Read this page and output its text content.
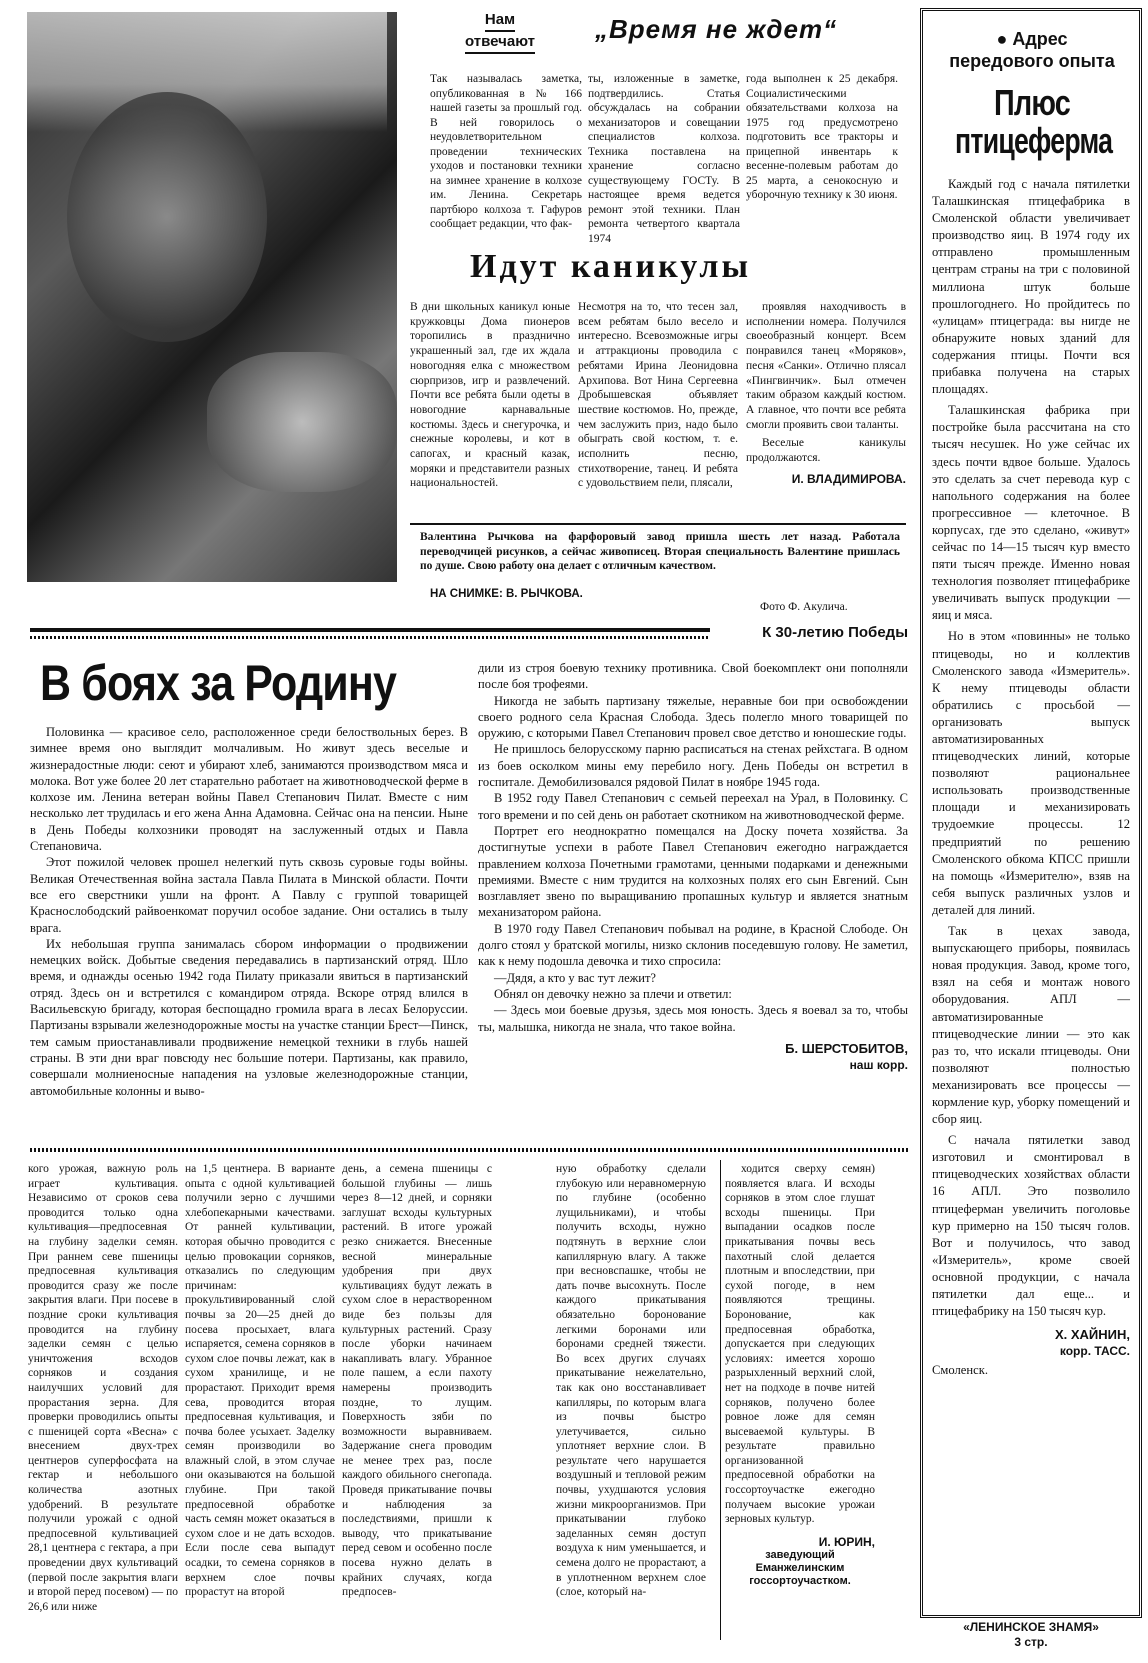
Нам
отвечают	„Время не ждет“
Так называлась заметка, опубликованная в № 166 нашей газеты за прошлый год. В ней говорилось о неудовлетворительном проведении технических уходов и постановки техники на зимнее хранение в колхозе им. Ленина. Секретарь партбюро колхоза т. Гафуров сообщает редакции, что фак-
ты, изложенные в заметке, подтвердились. Статья обсуждалась на собрании механизаторов и совещании специалистов колхоза. Техника поставлена на хранение согласно существующему ГОСТу. В настоящее время ведется ремонт этой техники. План ремонта четвертого квартала 1974
года выполнен к 25 декабря. Социалистическими обязательствами колхоза на 1975 год предусмотрено подготовить все тракторы и прицепной инвентарь к весенне-полевым работам до 25 марта, а сенокосную и уборочную технику к 30 июня.
Идут каникулы
В дни школьных каникул юные кружковцы Дома пионеров торопились в празднично украшенный зал, где их ждала новогодняя елка с множеством сюрпризов, игр и развлечений. Почти все ребята были одеты в новогодние карнавальные костюмы. Здесь и снегурочка, и снежные королевы, и кот в сапогах, и красный казак, моряки и представители разных национальностей.
Несмотря на то, что тесен зал, всем ребятам было весело и интересно. Всевозможные игры и аттракционы проводила с ребятами Ирина Леонидовна Архипова. Вот Нина Сергеевна Дробышевская объявляет шествие костюмов. Но, прежде, чем заслужить приз, надо было обыграть свой костюм, т. е. исполнить песню, стихотворение, танец. И ребята с удовольствием пели, плясали,

проявляя находчивость в исполнении номера. Получился своеобразный концерт. Всем понравился танец «Моряков», песня «Санки». Отлично плясал «Пингвинчик». Был отмечен таким образом каждый костюм. А главное, что почти все ребята смогли проявить свои таланты.

Веселые каникулы продолжаются.

И. ВЛАДИМИРОВА.
Валентина Рычкова на фарфоровый завод пришла шесть лет назад. Работала переводчицей рисунков, а сейчас живописец. Вторая специальность Валентине пришлась по душе. Свою работу она делает с отличным качеством.
НА СНИМКЕ: В. РЫЧКОВА.
Фото Ф. Акулича.
К 30-летию Победы
В боях за Родину

Половинка — красивое село, расположенное среди белоствольных берез. В зимнее время оно выглядит молчаливым. Но живут здесь веселые и жизнерадостные люди: сеют и убирают хлеб, занимаются производством мяса и молока. Вот уже более 20 лет старательно работает на животноводческой ферме в колхозе им. Ленина ветеран войны Павел Степанович Пилат. Вместе с ним несколько лет трудилась и его жена Анна Адамовна. Сейчас она на пенсии. Ныне в День Победы колхозники проводят на заслуженный отдых и Павла Степановича.

Этот пожилой человек прошел нелегкий путь сквозь суровые годы войны. Великая Отечественная война застала Павла Пилата в Минской области. Почти все его сверстники ушли на фронт. А Павлу с группой товарищей Краснослободский райвоенкомат поручил особое задание. Они остались в тылу врага.

Их небольшая группа занималась сбором информации о продвижении немецких войск. Добытые сведения передавались в партизанский отряд. Шло время, и однажды осенью 1942 года Пилату приказали явиться в партизанский отряд. Здесь он и встретился с командиром отряда. Вскоре отряд влился в Васильевскую бригаду, которая беспощадно громила врага в лесах Белоруссии. Партизаны взрывали железнодорожные мосты на участке станции Брест—Пинск, тем самым приостанавливали продвижение немецкой техники в глубь нашей страны. В эти дни враг повсюду нес большие потери. Партизаны, как правило, совершали молниеносные нападения на узловые железнодорожные станции, автомобильные колонны и выво-

дили из строя боевую технику противника. Свой боекомплект они пополняли после боя трофеями.

Никогда не забыть партизану тяжелые, неравные бои при освобождении своего родного села Красная Слобода. Здесь полегло много товарищей по оружию, с которыми Павел Степанович провел свое детство и юношеские годы.

Не пришлось белорусскому парню расписаться на стенах рейхстага. В одном из боев осколком мины ему перебило ногу. День Победы он встретил в госпитале. Демобилизовался рядовой Пилат в ноябре 1945 года.

В 1952 году Павел Степанович с семьей переехал на Урал, в Половинку. С того времени и по сей день он работает скотником на животноводческой ферме.

Портрет его неоднократно помещался на Доску почета хозяйства. За достигнутые успехи в работе Павел Степанович ежегодно награждается правлением колхоза Почетными грамотами, ценными подарками и денежными премиями. Вместе с ним трудится на колхозных полях его сын Евгений. Сын возглавляет звено по выращиванию пропашных культур и является знатным механизатором района.

В 1970 году Павел Степанович побывал на родине, в Красной Слободе. Он долго стоял у братской могилы, низко склонив поседевшую голову. Не заметил, как к нему подошла девочка и тихо спросила:

—Дядя, а кто у вас тут лежит?

Обнял он девочку нежно за плечи и ответил:

— Здесь мои боевые друзья, здесь моя юность. Здесь я воевал за то, чтобы ты, малышка, никогда не знала, что такое война.

Б. ШЕРСТОБИТОВ,
наш корр.
кого урожая, важную роль играет культивация. Независимо от сроков сева проводится только одна культивация—предпосевная на глубину заделки семян. При раннем севе пшеницы предпосевная культивация проводится сразу же после закрытия влаги. При посеве в поздние сроки культивация проводится на глубину заделки семян с целью уничтожения всходов сорняков и создания наилучших условий для прорастания зерна. Для проверки проводились опыты с пшеницей сорта «Весна» с внесением двух-трех центнеров суперфосфата на гектар и небольшого количества азотных удобрений. В результате получили урожай с одной предпосевной культивацией 28,1 центнера с гектара, а при проведении двух культиваций (первой после закрытия влаги и второй перед посевом) — по 26,6 или ниже
на 1,5 центнера. В варианте опыта с одной культивацией получили зерно с лучшими хлебопекарными качествами. От ранней культивации, которая обычно проводится с целью провокации сорняков, отказались по следующим причинам: прокультивированный слой почвы за 20—25 дней до посева просыхает, влага испаряется, семена сорняков в сухом слое почвы лежат, как в сухом хранилище, и не прорастают. Приходит время сева, проводится вторая предпосевная культивация, и почва более усыхает. Заделку семян производили во влажный слой, в этом случае они оказываются на большой глубине. При такой предпосевной обработке часть семян может оказаться в сухом слое и не дать всходов. Если после сева выпадут осадки, то семена сорняков в верхнем слое почвы прорастут на второй
день, а семена пшеницы с большой глубины — лишь через 8—12 дней, и сорняки заглушат всходы культурных растений. В итоге урожай резко снижается. Внесенные весной минеральные удобрения при двух культивациях будут лежать в сухом слое в нерастворенном виде без пользы для культурных растений. Сразу после уборки начинаем накапливать влагу. Убранное поле пашем, а если пахоту намерены производить поздне, то лущим. Поверхность зяби по возможности выравниваем. Задержание снега проводим не менее трех раз, после каждого обильного снегопада. Проведя прикатывание почвы и наблюдения за последствиями, пришли к выводу, что прикатывание перед севом и особенно после посева нужно делать в крайних случаях, когда предпосев-
ную обработку сделали глубокую или неравномерную по глубине (особенно лущильниками), и чтобы получить всходы, нужно подтянуть в верхние слои капиллярную влагу. А также при весновспашке, чтобы не дать почве высохнуть. После каждого прикатывания обязательно боронование легкими боронами или боронами средней тяжести. Во всех других случаях прикатывание нежелательно, так как оно восстанавливает капилляры, по которым влага из почвы быстро улетучивается, сильно уплотняет верхние слои. В результате чего нарушается воздушный и тепловой режим почвы, ухудшаются условия жизни микроорганизмов. При прикатывании глубоко заделанных семян доступ воздуха к ним уменьшается, и семена долго не прорастают, а в уплотненном верхнем слое (слое, который на-

ходится сверху семян) появляется влага. И всходы сорняков в этом слое глушат всходы пшеницы. При выпадании осадков после прикатывания почвы весь пахотный слой делается плотным и впоследствии, при сухой погоде, в нем появляются трещины. Боронование, как предпосевная обработка, допускается при следующих условиях: имеется хорошо разрыхленный верхний слой, нет на подходе в почве нитей сорняков, получено более ровное ложе для семян высеваемой культуры. В результате правильно организованной предпосевной обработки на госсортоучастке ежегодно получаем высокие урожаи зерновых культур.

И. ЮРИН,
заведующий Еманжелинским госсортоучастком.
● Адрес
передового опыта
Плюс
птицеферма

Каждый год с начала пятилетки Талашкинская птицефабрика в Смоленской области увеличивает производство яиц. В 1974 году их отправлено промышленным центрам страны на три с половиной миллиона штук больше прошлогоднего. Но пройдитесь по «улицам» птицеграда: вы нигде не обнаружите новых зданий для содержания птицы. Почти вся прибавка получена на старых площадях.

Талашкинская фабрика при постройке была рассчитана на сто тысяч несушек. Но уже сейчас их здесь почти вдвое больше. Удалось это сделать за счет перевода кур с напольного содержания на более прогрессивное — клеточное. В корпусах, где это сделано, «живут» сейчас по 14—15 тысяч кур вместо пяти тысяч прежде. Именно новая технология позволяет птицефабрике увеличивать выпуск продукции — яиц и мяса.

Но в этом «повинны» не только птицеводы, но и коллектив Смоленского завода «Измеритель». К нему птицеводы области обратились с просьбой — организовать выпуск автоматизированных птицеводческих линий, которые позволяют рациональнее использовать производственные площади и механизировать трудоемкие процессы. 12 предприятий по решению Смоленского обкома КПСС пришли на помощь «Измерителю», взяв на себя выпуск различных узлов и деталей для линий.

Так в цехах завода, выпускающего приборы, появилась новая продукция. Завод, кроме того, взял на себя и монтаж нового оборудования. АПЛ — автоматизированные птицеводческие линии — это как раз то, что искали птицеводы. Они позволяют полностью механизировать все процессы — кормление кур, уборку помещений и сбор яиц.

С начала пятилетки завод изготовил и смонтировал в птицеводческих хозяйствах области 16 АПЛ. Это позволило птицеферман увеличить поголовье кур примерно на 150 тысяч голов. Вот и получилось, что завод «Измеритель», кроме своей основной продукции, с начала пятилетки дал еще... и птицефабрику на 150 тысяч кур.

Х. ХАЙНИН,
корр. ТАСС.
Смоленск.
«ЛЕНИНСКОЕ ЗНАМЯ»
3 стр.
